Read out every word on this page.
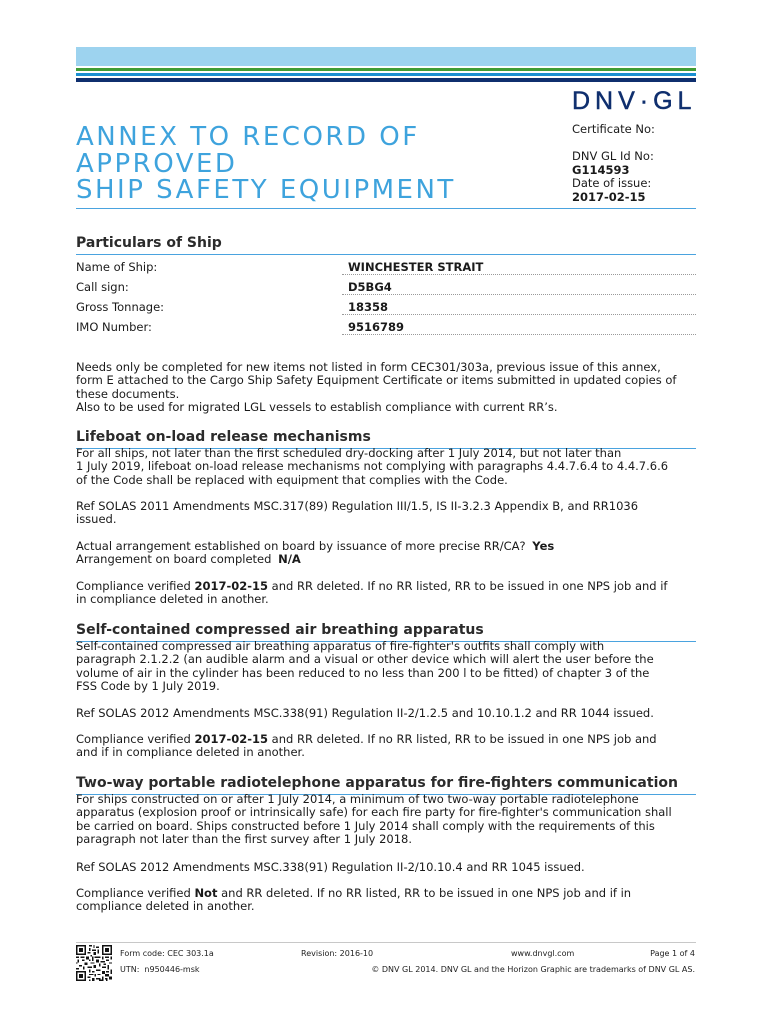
DNV·GL
ANNEX TO RECORD OF
APPROVED
SHIP SAFETY EQUIPMENT
Certificate No:
DNV GL Id No:
G114593
Date of issue:
2017-02-15
Particulars of Ship
Name of Ship:	WINCHESTER STRAIT
Call sign:	D5BG4
Gross Tonnage:	18358
IMO Number:	9516789
Needs only be completed for new items not listed in form CEC301/303a, previous issue of this annex,
form E attached to the Cargo Ship Safety Equipment Certificate or items submitted in updated copies of
these documents.
Also to be used for migrated LGL vessels to establish compliance with current RR’s.
Lifeboat on-load release mechanisms
For all ships, not later than the first scheduled dry-docking after 1 July 2014, but not later than
1 July 2019, lifeboat on-load release mechanisms not complying with paragraphs 4.4.7.6.4 to 4.4.7.6.6
of the Code shall be replaced with equipment that complies with the Code.
Ref SOLAS 2011 Amendments MSC.317(89) Regulation III/1.5, IS II-3.2.3 Appendix B, and RR1036
issued.
Actual arrangement established on board by issuance of more precise RR/CA? Yes
Arrangement on board completed N/A
Compliance verified 2017-02-15 and RR deleted. If no RR listed, RR to be issued in one NPS job and if
in compliance deleted in another.
Self-contained compressed air breathing apparatus
Self-contained compressed air breathing apparatus of fire-fighter's outfits shall comply with
paragraph 2.1.2.2 (an audible alarm and a visual or other device which will alert the user before the
volume of air in the cylinder has been reduced to no less than 200 l to be fitted) of chapter 3 of the
FSS Code by 1 July 2019.
Ref SOLAS 2012 Amendments MSC.338(91) Regulation II-2/1.2.5 and 10.10.1.2 and RR 1044 issued.
Compliance verified 2017-02-15 and RR deleted. If no RR listed, RR to be issued in one NPS job and
and if in compliance deleted in another.
Two-way portable radiotelephone apparatus for fire-fighters communication
For ships constructed on or after 1 July 2014, a minimum of two two-way portable radiotelephone
apparatus (explosion proof or intrinsically safe) for each fire party for fire-fighter's communication shall
be carried on board. Ships constructed before 1 July 2014 shall comply with the requirements of this
paragraph not later than the first survey after 1 July 2018.
Ref SOLAS 2012 Amendments MSC.338(91) Regulation II-2/10.10.4 and RR 1045 issued.
Compliance verified Not and RR deleted. If no RR listed, RR to be issued in one NPS job and if in
compliance deleted in another.
Form code: CEC 303.1a	Revision: 2016-10	www.dnvgl.com	Page 1 of 4
UTN: n950446-msk	© DNV GL 2014. DNV GL and the Horizon Graphic are trademarks of DNV GL AS.
